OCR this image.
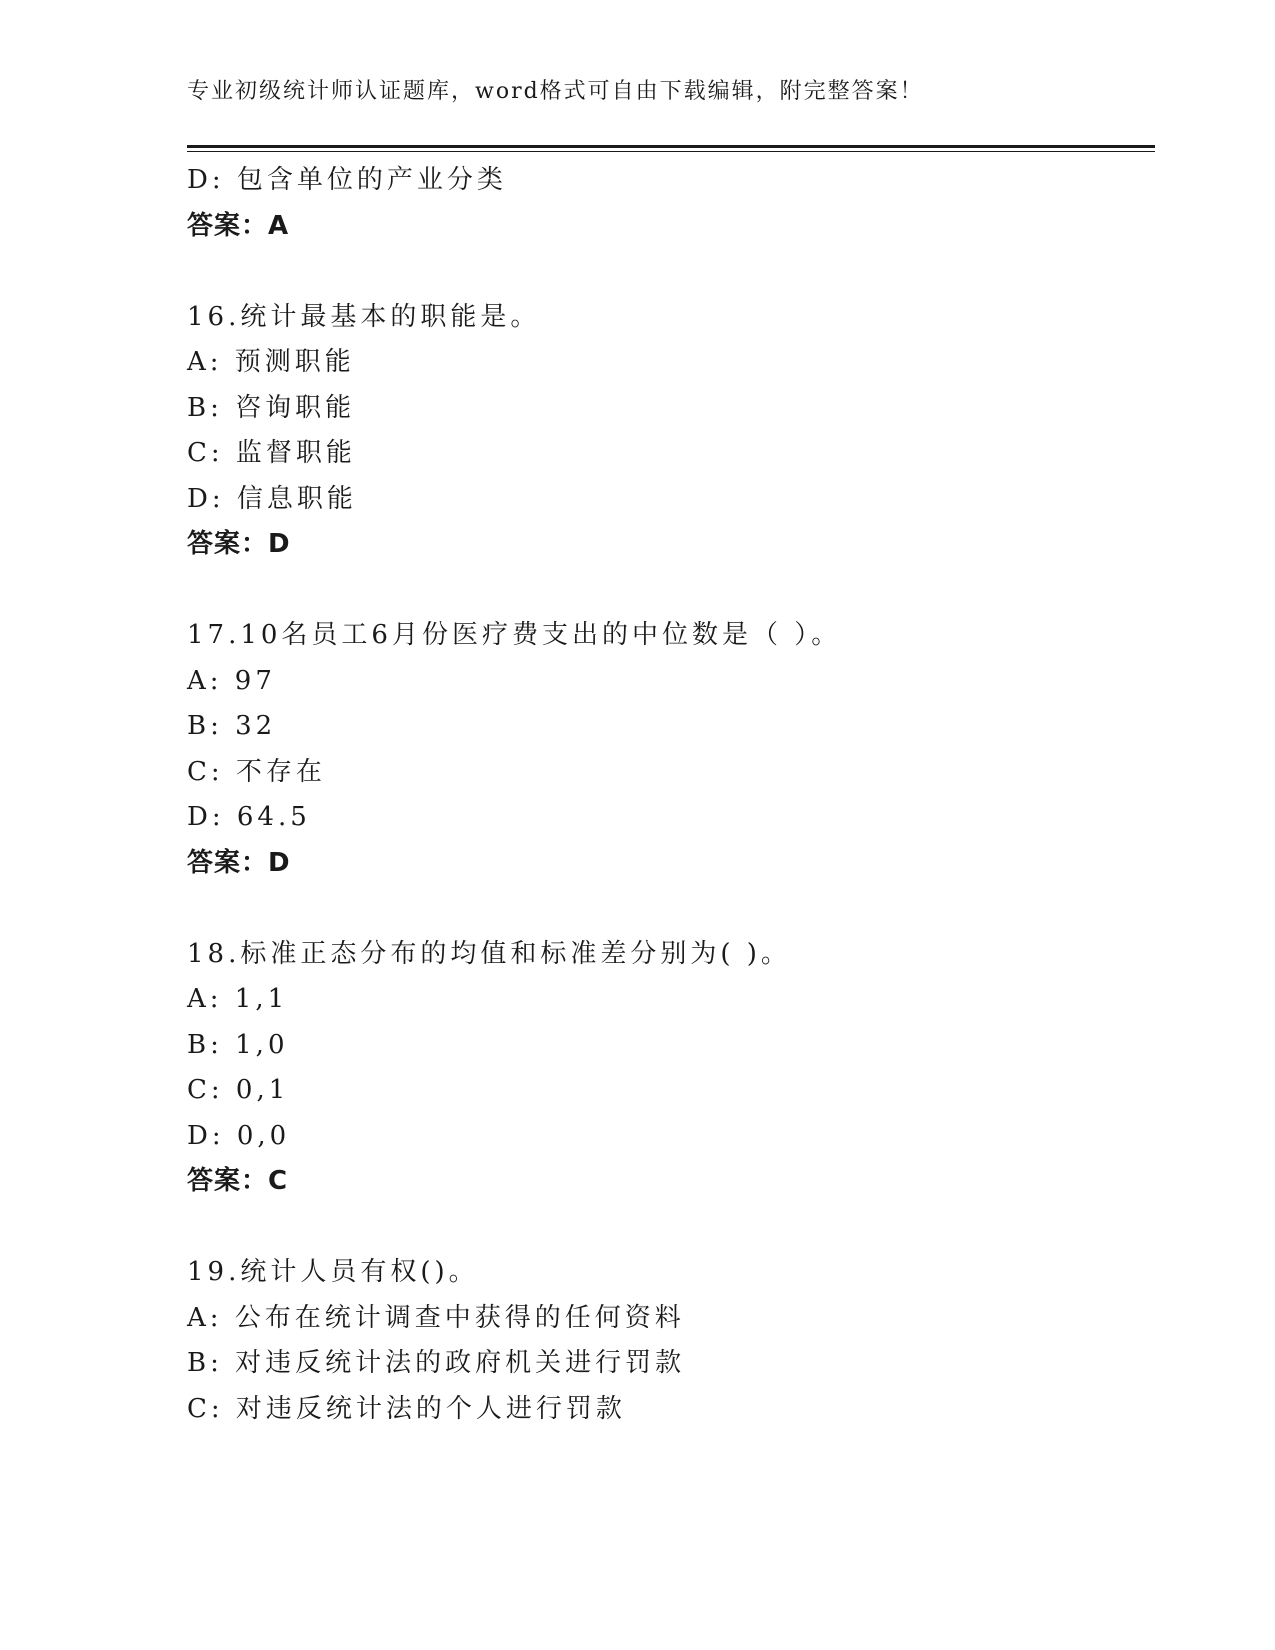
专业初级统计师认证题库，word格式可自由下载编辑，附完整答案！
D: 包含单位的产业分类
答案：A
16.统计最基本的职能是。
A: 预测职能
B: 咨询职能
C: 监督职能
D: 信息职能
答案：D
17.10名员工6月份医疗费支出的中位数是（ ）。
A: 97
B: 32
C: 不存在
D: 64.5
答案：D
18.标准正态分布的均值和标准差分别为( )。
A: 1,1
B: 1,0
C: 0,1
D: 0,0
答案：C
19.统计人员有权()。
A: 公布在统计调查中获得的任何资料
B: 对违反统计法的政府机关进行罚款
C: 对违反统计法的个人进行罚款
